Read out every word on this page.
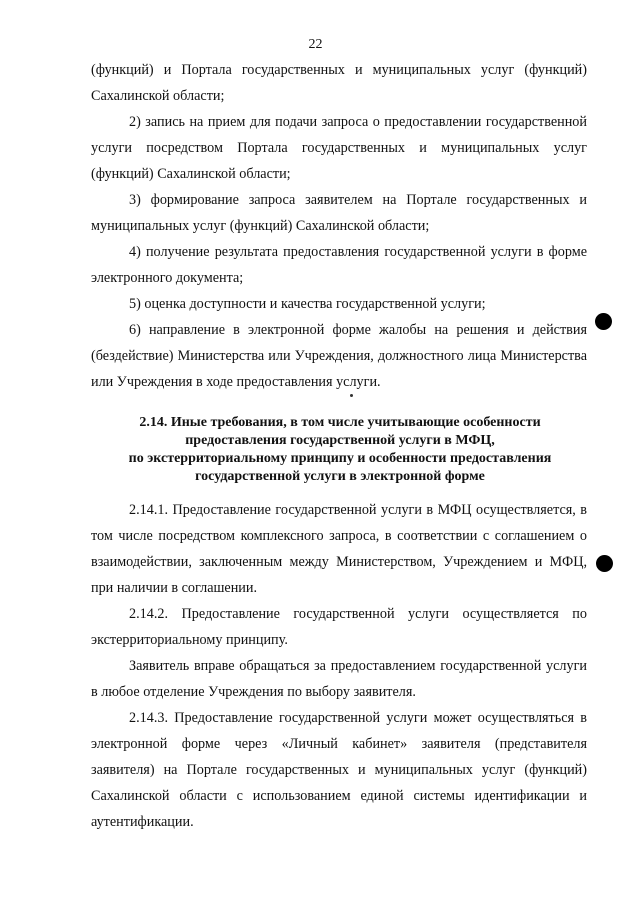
22

(функций) и Портала государственных и муниципальных услуг (функций) Сахалинской области;

2) запись на прием для подачи запроса о предоставлении государственной услуги посредством Портала государственных и муниципальных услуг (функций) Сахалинской области;

3) формирование запроса заявителем на Портале государственных и муниципальных услуг (функций) Сахалинской области;

4) получение результата предоставления государственной услуги в форме электронного документа;

5) оценка доступности и качества государственной услуги;

6) направление в электронной форме жалобы на решения и действия (бездействие) Министерства или Учреждения, должностного лица Министерства или Учреждения в ходе предоставления услуги.

2.14. Иные требования, в том числе учитывающие особенности
предоставления государственной услуги в МФЦ,
по экстерриториальному принципу и особенности предоставления
государственной услуги в электронной форме

2.14.1. Предоставление государственной услуги в МФЦ осуществляется, в том числе посредством комплексного запроса, в соответствии с соглашением о взаимодействии, заключенным между Министерством, Учреждением и МФЦ, при наличии в соглашении.

2.14.2. Предоставление государственной услуги осуществляется по экстерриториальному принципу.

Заявитель вправе обращаться за предоставлением государственной услуги в любое отделение Учреждения по выбору заявителя.

2.14.3. Предоставление государственной услуги может осуществляться в электронной форме через «Личный кабинет» заявителя (представителя заявителя) на Портале государственных и муниципальных услуг (функций) Сахалинской области с использованием единой системы идентификации и аутентификации.
